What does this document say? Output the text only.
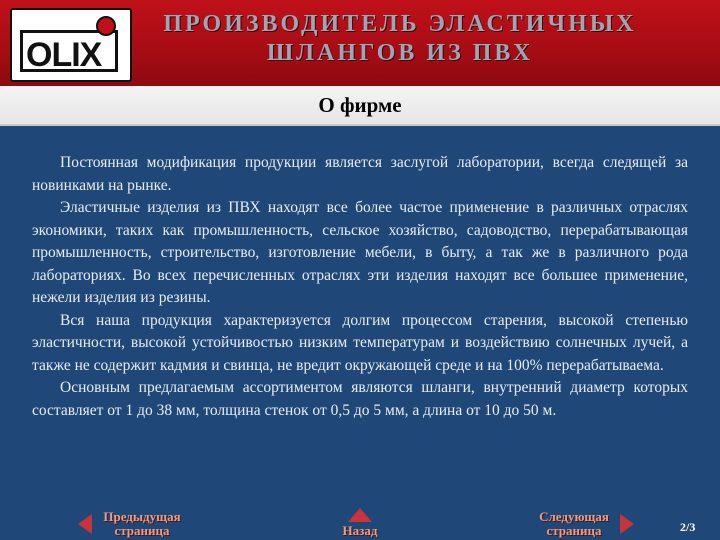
OLIX
ПРОИЗВОДИТЕЛЬ ЭЛАСТИЧНЫХ
ШЛАНГОВ ИЗ ПВХ
О фирме

Постоянная модификация продукции является заслугой лаборатории, всегда следящей за новинками на рынке.

Эластичные изделия из ПВХ находят все более частое применение в различных отраслях экономики, таких как промышленность, сельское хозяйство, садоводство, перерабатывающая промышленность, строительство, изготовление мебели, в быту, а так же в различного рода лабораториях. Во всех перечисленных отраслях эти изделия находят все большее применение, нежели изделия из резины.

Вся наша продукция характеризуется долгим процессом старения, высокой степенью эластичности, высокой устойчивостью низким температурам и воздействию солнечных лучей, а также не содержит кадмия и свинца, не вредит окружающей среде и на 100% перерабатываема.

Основным предлагаемым ассортиментом являются шланги, внутренний диаметр которых составляет от 1 до 38 мм, толщина стенок от 0,5 до 5 мм, а длина от 10 до 50 м.

Предыдущая
страница	Назад
Следующая
страница	2/3
